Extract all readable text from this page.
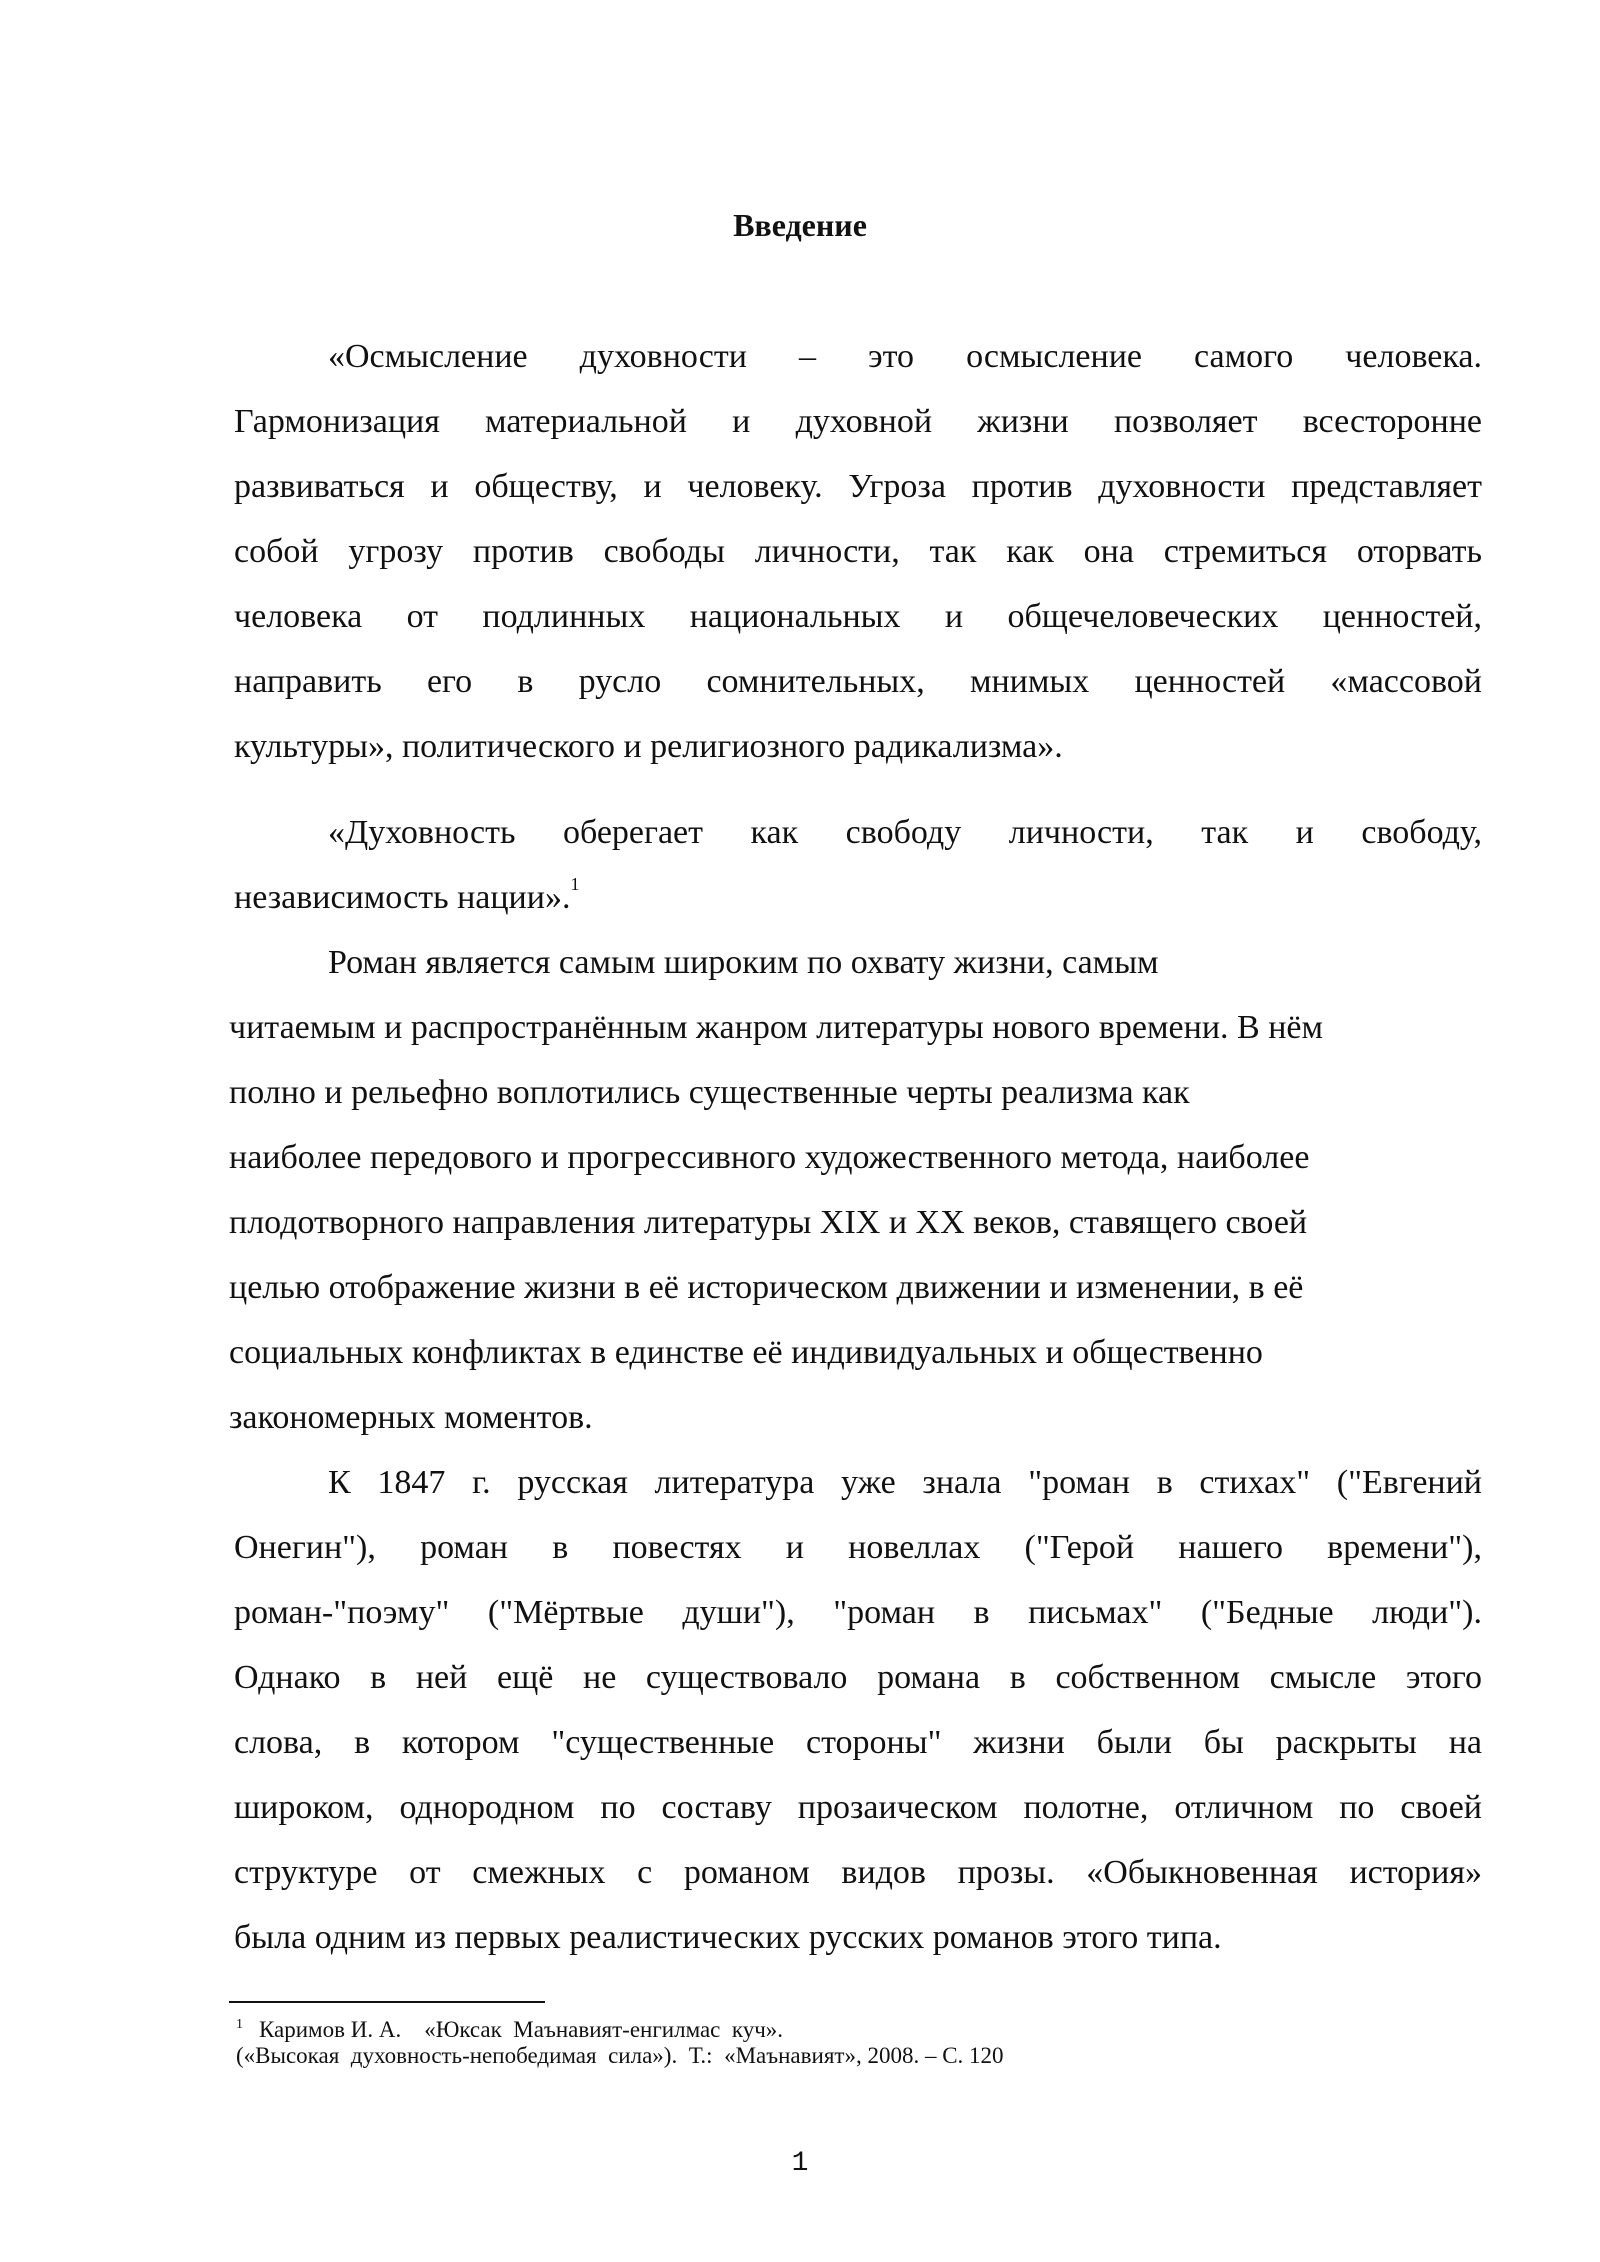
Введение
«Осмысление духовности – это осмысление самого человека.
Гармонизация материальной и духовной жизни позволяет всесторонне
развиваться и обществу, и человеку. Угроза против духовности представляет
собой угрозу против свободы личности, так как она стремиться оторвать
человека от подлинных национальных и общечеловеческих ценностей,
направить его в русло сомнительных, мнимых ценностей «массовой
культуры», политического и религиозного радикализма».
«Духовность оберегает как свободу личности, так и свободу,
независимость нации».$^1$
Роман является самым широким по охвату жизни, самым
читаемым и распространённым жанром литературы нового времени. В нём
полно и рельефно воплотились существенные черты реализма как
наиболее передового и прогрессивного художественного метода, наиболее
плодотворного направления литературы XIX и XX веков, ставящего своей
целью отображение жизни в её историческом движении и изменении, в её
социальных конфликтах в единстве её индивидуальных и общественно
закономерных моментов.
К 1847 г. русская литература уже знала "роман в стихах" ("Евгений
Онегин"), роман в повестях и новеллах ("Герой нашего времени"),
роман-"поэму" ("Мёртвые души"), "роман в письмах" ("Бедные люди").
Однако в ней ещё не существовало романа в собственном смысле этого
слова, в котором "существенные стороны" жизни были бы раскрыты на
широком, однородном по составу прозаическом полотне, отличном по своей
структуре от смежных с романом видов прозы. «Обыкновенная история»
была одним из первых реалистических русских романов этого типа.
$^1$ Каримов И. А.    «Юксак  Маънавият-енгилмас  куч».
(«Высокая  духовность-непобедимая  сила»).  Т.:  «Маънавият», 2008. – С. 120
1
